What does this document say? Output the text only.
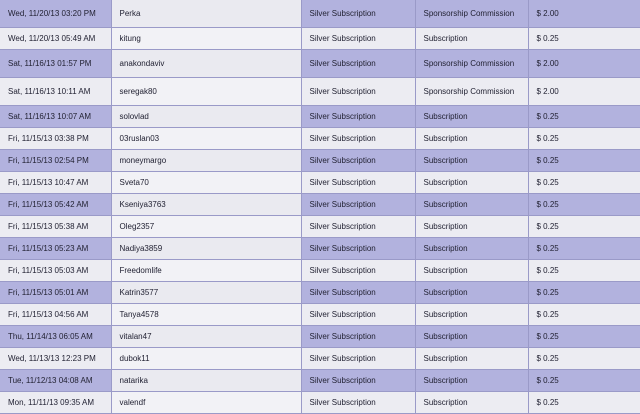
Wed, 11/20/13 03:20 PM	Perka	Silver Subscription	Sponsorship Commission	$ 2.00
Wed, 11/20/13 05:49 AM	kitung	Silver Subscription	Subscription	$ 0.25
Sat, 11/16/13 01:57 PM	anakondaviv	Silver Subscription	Sponsorship Commission	$ 2.00
Sat, 11/16/13 10:11 AM	seregak80	Silver Subscription	Sponsorship Commission	$ 2.00
Sat, 11/16/13 10:07 AM	solovlad	Silver Subscription	Subscription	$ 0.25
Fri, 11/15/13 03:38 PM	03ruslan03	Silver Subscription	Subscription	$ 0.25
Fri, 11/15/13 02:54 PM	moneymargo	Silver Subscription	Subscription	$ 0.25
Fri, 11/15/13 10:47 AM	Sveta70	Silver Subscription	Subscription	$ 0.25
Fri, 11/15/13 05:42 AM	Kseniya3763	Silver Subscription	Subscription	$ 0.25
Fri, 11/15/13 05:38 AM	Oleg2357	Silver Subscription	Subscription	$ 0.25
Fri, 11/15/13 05:23 AM	Nadiya3859	Silver Subscription	Subscription	$ 0.25
Fri, 11/15/13 05:03 AM	Freedomlife	Silver Subscription	Subscription	$ 0.25
Fri, 11/15/13 05:01 AM	Katrin3577	Silver Subscription	Subscription	$ 0.25
Fri, 11/15/13 04:56 AM	Tanya4578	Silver Subscription	Subscription	$ 0.25
Thu, 11/14/13 06:05 AM	vitalan47	Silver Subscription	Subscription	$ 0.25
Wed, 11/13/13 12:23 PM	dubok11	Silver Subscription	Subscription	$ 0.25
Tue, 11/12/13 04:08 AM	natarika	Silver Subscription	Subscription	$ 0.25
Mon, 11/11/13 09:35 AM	valendf	Silver Subscription	Subscription	$ 0.25
